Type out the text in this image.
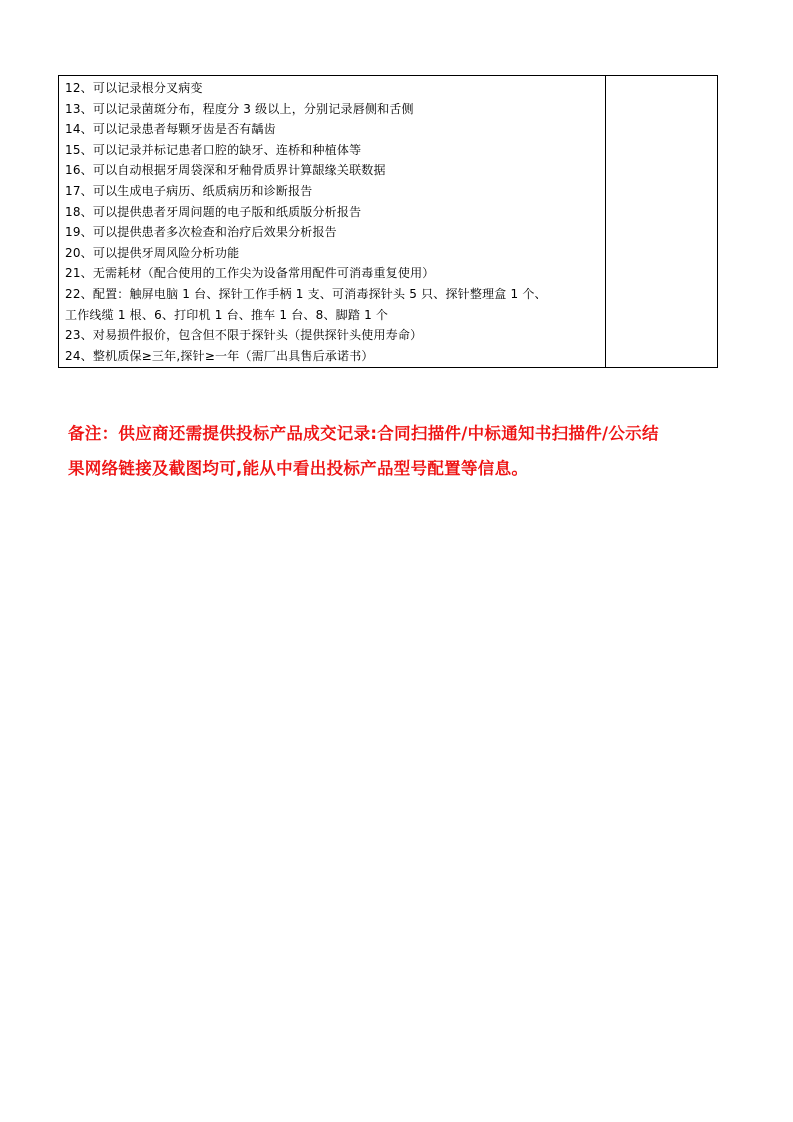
12、可以记录根分叉病变
13、可以记录菌斑分布，程度分 3 级以上，分别记录唇侧和舌侧
14、可以记录患者每颗牙齿是否有龋齿
15、可以记录并标记患者口腔的缺牙、连桥和种植体等
16、可以自动根据牙周袋深和牙釉骨质界计算龈缘关联数据
17、可以生成电子病历、纸质病历和诊断报告
18、可以提供患者牙周问题的电子版和纸质版分析报告
19、可以提供患者多次检查和治疗后效果分析报告
20、可以提供牙周风险分析功能
21、无需耗材（配合使用的工作尖为设备常用配件可消毒重复使用）
22、配置：触屏电脑 1 台、探针工作手柄 1 支、可消毒探针头 5 只、探针整理盒 1 个、
工作线缆 1 根、6、打印机 1 台、推车 1 台、8、脚踏 1 个
23、对易损件报价，包含但不限于探针头（提供探针头使用寿命）
24、整机质保≥三年,探针≥一年（需厂出具售后承诺书）

备注：供应商还需提供投标产品成交记录:合同扫描件/中标通知书扫描件/公示结
果网络链接及截图均可,能从中看出投标产品型号配置等信息。
